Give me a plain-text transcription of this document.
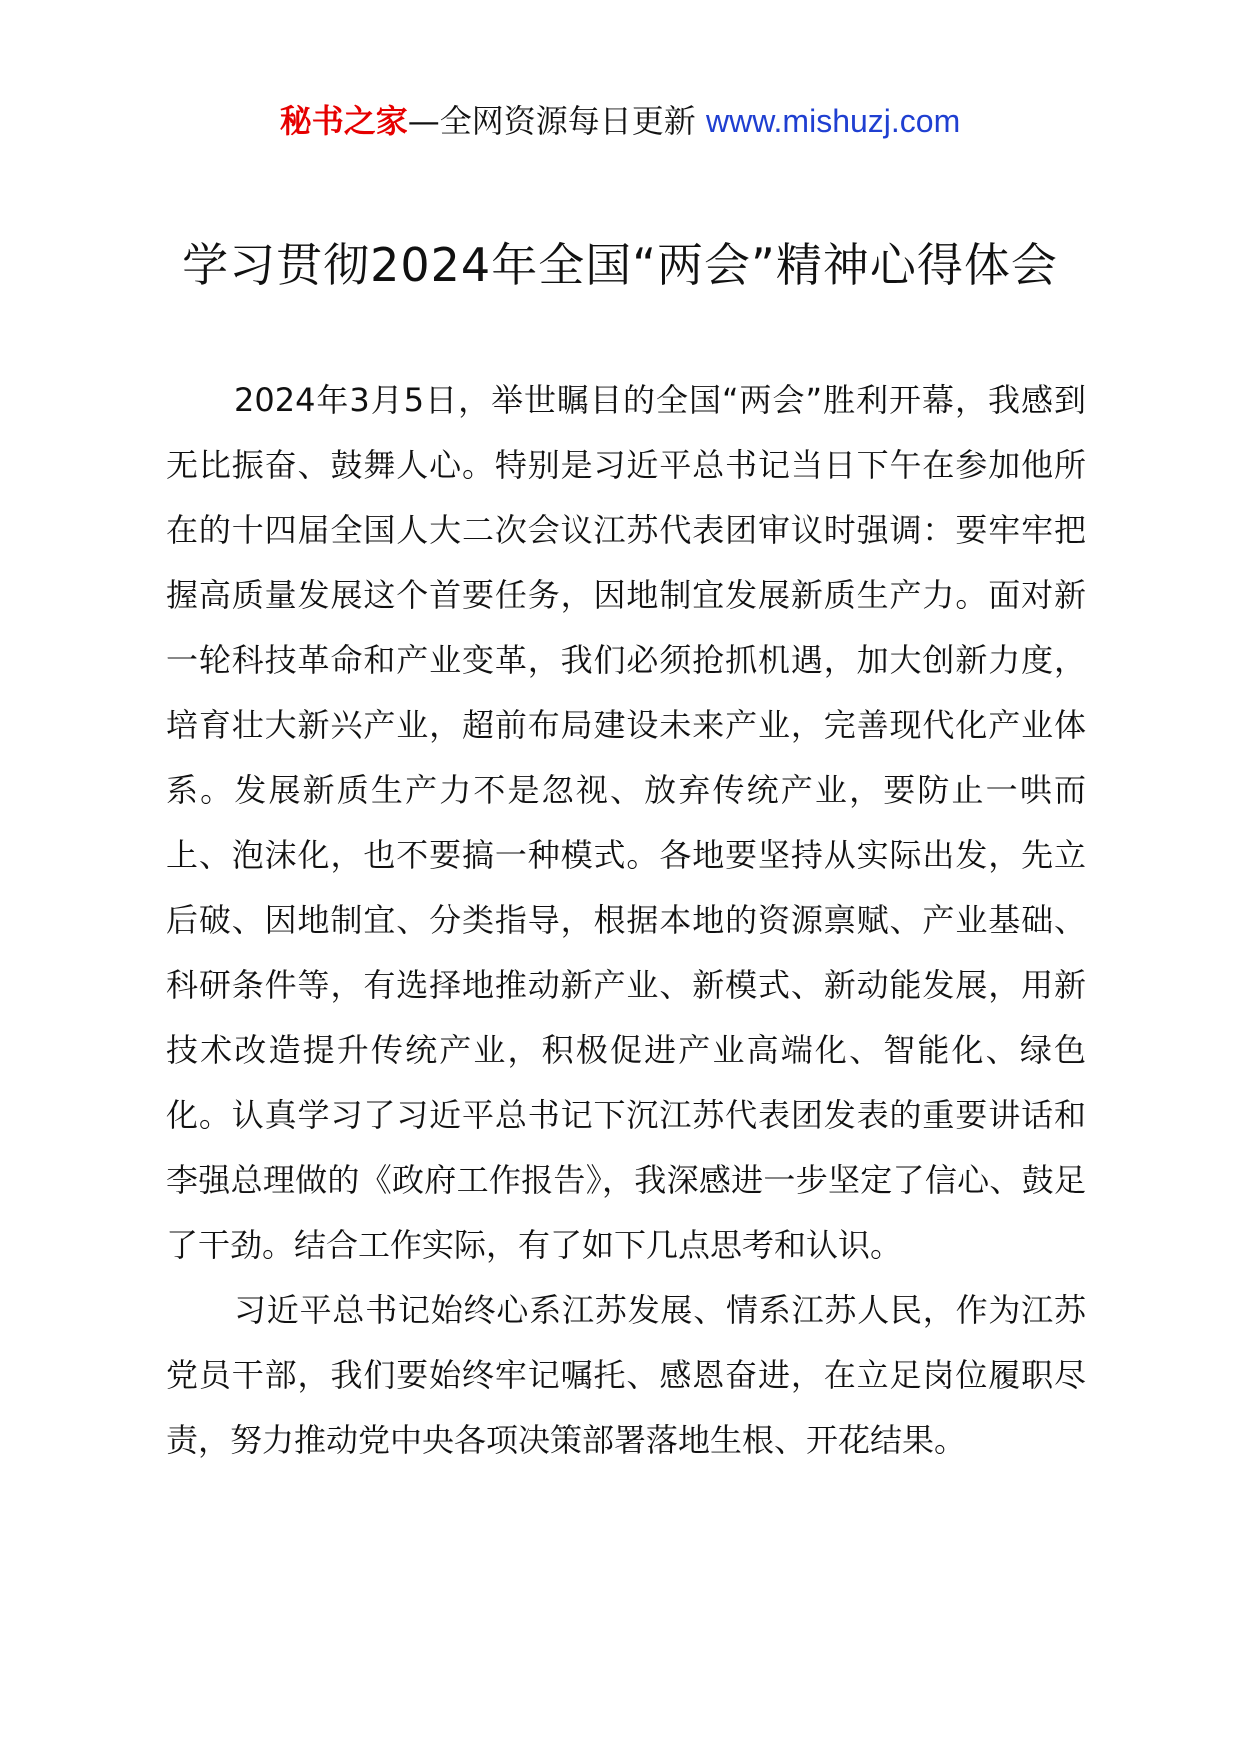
秘书之家—全网资源每日更新 www.mishuzj.com
学习贯彻2024年全国“两会”精神心得体会

2024年3月5日，举世瞩目的全国“两会”胜利开幕，我感到无比振奋、鼓舞人心。特别是习近平总书记当日下午在参加他所在的十四届全国人大二次会议江苏代表团审议时强调：要牢牢把握高质量发展这个首要任务，因地制宜发展新质生产力。面对新一轮科技革命和产业变革，我们必须抢抓机遇，加大创新力度，培育壮大新兴产业，超前布局建设未来产业，完善现代化产业体系。发展新质生产力不是忽视、放弃传统产业，要防止一哄而上、泡沫化，也不要搞一种模式。各地要坚持从实际出发，先立后破、因地制宜、分类指导，根据本地的资源禀赋、产业基础、科研条件等，有选择地推动新产业、新模式、新动能发展，用新技术改造提升传统产业，积极促进产业高端化、智能化、绿色化。认真学习了习近平总书记下沉江苏代表团发表的重要讲话和李强总理做的《政府工作报告》，我深感进一步坚定了信心、鼓足了干劲。结合工作实际，有了如下几点思考和认识。

习近平总书记始终心系江苏发展、情系江苏人民，作为江苏党员干部，我们要始终牢记嘱托、感恩奋进，在立足岗位履职尽责，努力推动党中央各项决策部署落地生根、开花结果。
